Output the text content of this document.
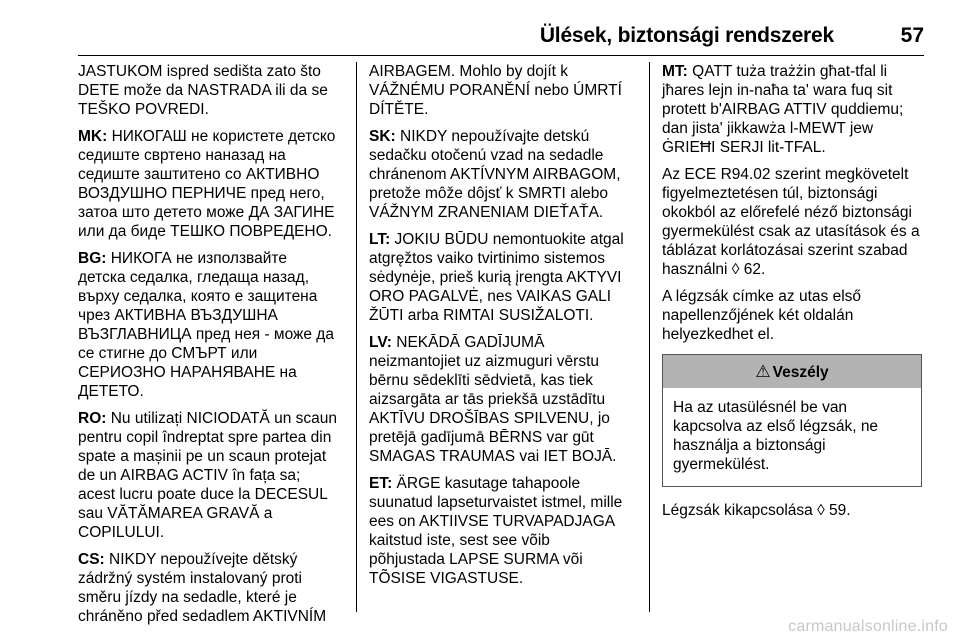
Ülések, biztonsági rendszerek	57

JASTUKOM ispred sedišta zato što
DETE može da NASTRADA ili da se
TEŠKO POVREDI.

MK: НИКОГАШ не користете детско
седиште свртено наназад на
седиште заштитено со АКТИВНО
ВОЗДУШНО ПЕРНИЧЕ пред него,
затоа што детето може ДА ЗАГИНЕ
или да биде ТЕШКО ПОВРЕДЕНО.

BG: НИКОГА не използвайте
детска седалка, гледаща назад,
върху седалка, която е защитена
чрез АКТИВНА ВЪЗДУШНА
ВЪЗГЛАВНИЦА пред нея - може да
се стигне до СМЪРТ или
СЕРИОЗНО НАРАНЯВАНЕ на
ДЕТЕТО.

RO: Nu utilizați NICIODATĂ un scaun
pentru copil îndreptat spre partea din
spate a mașinii pe un scaun protejat
de un AIRBAG ACTIV în fața sa;
acest lucru poate duce la DECESUL
sau VĂTĂMAREA GRAVĂ a
COPILULUI.

CS: NIKDY nepoužívejte dětský
zádržný systém instalovaný proti
směru jízdy na sedadle, které je
chráněno před sedadlem AKTIVNÍM

AIRBAGEM. Mohlo by dojít k
VÁŽNÉMU PORANĚNÍ nebo ÚMRTÍ
DÍTĚTE.

SK: NIKDY nepoužívajte detskú
sedačku otočenú vzad na sedadle
chránenom AKTÍVNYM AIRBAGOM,
pretože môže dôjsť k SMRTI alebo
VÁŽNYM ZRANENIAM DIEŤAŤA.

LT: JOKIU BŪDU nemontuokite atgal
atgręžtos vaiko tvirtinimo sistemos
sėdynėje, prieš kurią įrengta AKTYVI
ORO PAGALVĖ, nes VAIKAS GALI
ŽŪTI arba RIMTAI SUSIŽALOTI.

LV: NEKĀDĀ GADĪJUMĀ
neizmantojiet uz aizmuguri vērstu
bērnu sēdeklīti sēdvietā, kas tiek
aizsargāta ar tās priekšā uzstādītu
AKTĪVU DROŠĪBAS SPILVENU, jo
pretējā gadījumā BĒRNS var gūt
SMAGAS TRAUMAS vai IET BOJĀ.

ET: ÄRGE kasutage tahapoole
suunatud lapseturvaistet istmel, mille
ees on AKTIIVSE TURVAPADJAGA
kaitstud iste, sest see võib
põhjustada LAPSE SURMA või
TÕSISE VIGASTUSE.

MT: QATT tuża trażżin għat-tfal li
jħares lejn in-naħa ta' wara fuq sit
protett b'AIRBAG ATTIV quddiemu;
dan jista' jikkawża l-MEWT jew
ĠRIEĦI SERJI lit-TFAL.

Az ECE R94.02 szerint megkövetelt
figyelmeztetésen túl, biztonsági
okokból az előrefelé néző biztonsági
gyermekülést csak az utasítások és a
táblázat korlátozásai szerint szabad
használni ◊ 62.

A légzsák címke az utas első
napellenzőjének két oldalán
helyezkedhet el.

⚠ Veszély
Ha az utasülésnél be van
kapcsolva az első légzsák, ne
használja a biztonsági
gyermekülést.

Légzsák kikapcsolása ◊ 59.

carmanualsonline.info
